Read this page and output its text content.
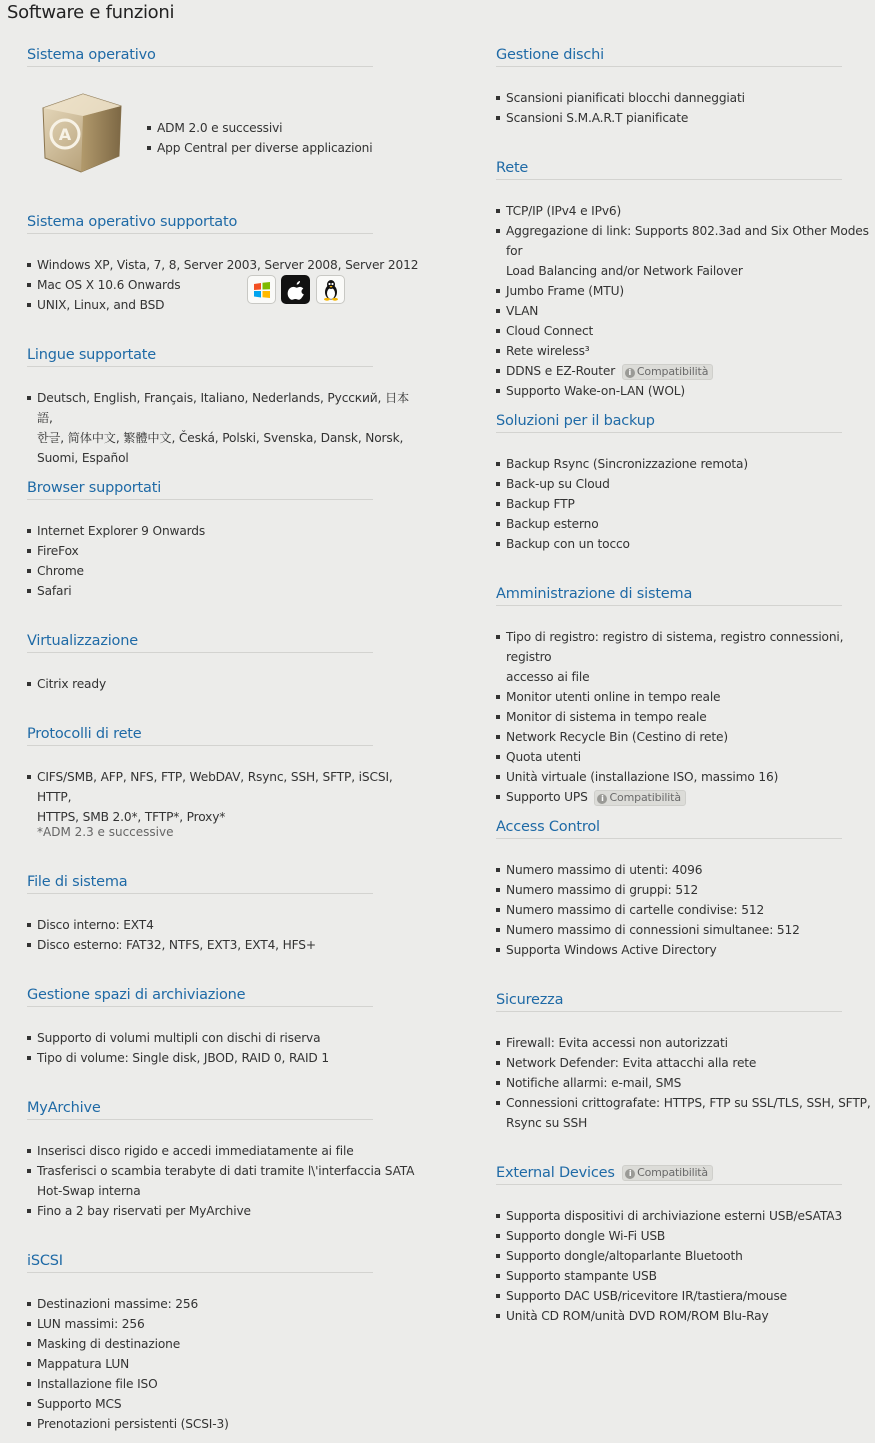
Software e funzioni
Sistema operativo
A	ADM 2.0 e successivi
App Central per diverse applicazioni
Sistema operativo supportato
Windows XP, Vista, 7, 8, Server 2003, Server 2008, Server 2012
Mac OS X 10.6 Onwards
UNIX, Linux, and BSD
Lingue supportate
Deutsch, English, Français, Italiano, Nederlands, Русский, 日本語,
한글, 简体中文, 繁體中文, Česká, Polski, Svenska, Dansk, Norsk,
Suomi, Español
Browser supportati
Internet Explorer 9 Onwards
FireFox
Chrome
Safari
Virtualizzazione
Citrix ready
Protocolli di rete
CIFS/SMB, AFP, NFS, FTP, WebDAV, Rsync, SSH, SFTP, iSCSI, HTTP,
HTTPS, SMB 2.0*, TFTP*, Proxy*
*ADM 2.3 e successive
File di sistema
Disco interno: EXT4
Disco esterno: FAT32, NTFS, EXT3, EXT4, HFS+
Gestione spazi di archiviazione
Supporto di volumi multipli con dischi di riserva
Tipo di volume: Single disk, JBOD, RAID 0, RAID 1
MyArchive
Inserisci disco rigido e accedi immediatamente ai file
Trasferisci o scambia terabyte di dati tramite l\'interfaccia SATA
Hot-Swap interna
Fino a 2 bay riservati per MyArchive
iSCSI
Destinazioni massime: 256
LUN massimi: 256
Masking di destinazione
Mappatura LUN
Installazione file ISO
Supporto MCS
Prenotazioni persistenti (SCSI-3)
Gestione dischi
Scansioni pianificati blocchi danneggiati
Scansioni S.M.A.R.T pianificate
Rete
TCP/IP (IPv4 e IPv6)
Aggregazione di link: Supports 802.3ad and Six Other Modes for
Load Balancing and/or Network Failover
Jumbo Frame (MTU)
VLAN
Cloud Connect
Rete wireless³
DDNS e EZ-Router i Compatibilità
Supporto Wake-on-LAN (WOL)
Soluzioni per il backup
Backup Rsync (Sincronizzazione remota)
Back-up su Cloud
Backup FTP
Backup esterno
Backup con un tocco
Amministrazione di sistema
Tipo di registro: registro di sistema, registro connessioni, registro
accesso ai file
Monitor utenti online in tempo reale
Monitor di sistema in tempo reale
Network Recycle Bin (Cestino di rete)
Quota utenti
Unità virtuale (installazione ISO, massimo 16)
Supporto UPS i Compatibilità
Access Control
Numero massimo di utenti: 4096
Numero massimo di gruppi: 512
Numero massimo di cartelle condivise: 512
Numero massimo di connessioni simultanee: 512
Supporta Windows Active Directory
Sicurezza
Firewall: Evita accessi non autorizzati
Network Defender: Evita attacchi alla rete
Notifiche allarmi: e-mail, SMS
Connessioni crittografate: HTTPS, FTP su SSL/TLS, SSH, SFTP,
Rsync su SSH
External Devices i Compatibilità
Supporta dispositivi di archiviazione esterni USB/eSATA3
Supporto dongle Wi-Fi USB
Supporto dongle/altoparlante Bluetooth
Supporto stampante USB
Supporto DAC USB/ricevitore IR/tastiera/mouse
Unità CD ROM/unità DVD ROM/ROM Blu-Ray
